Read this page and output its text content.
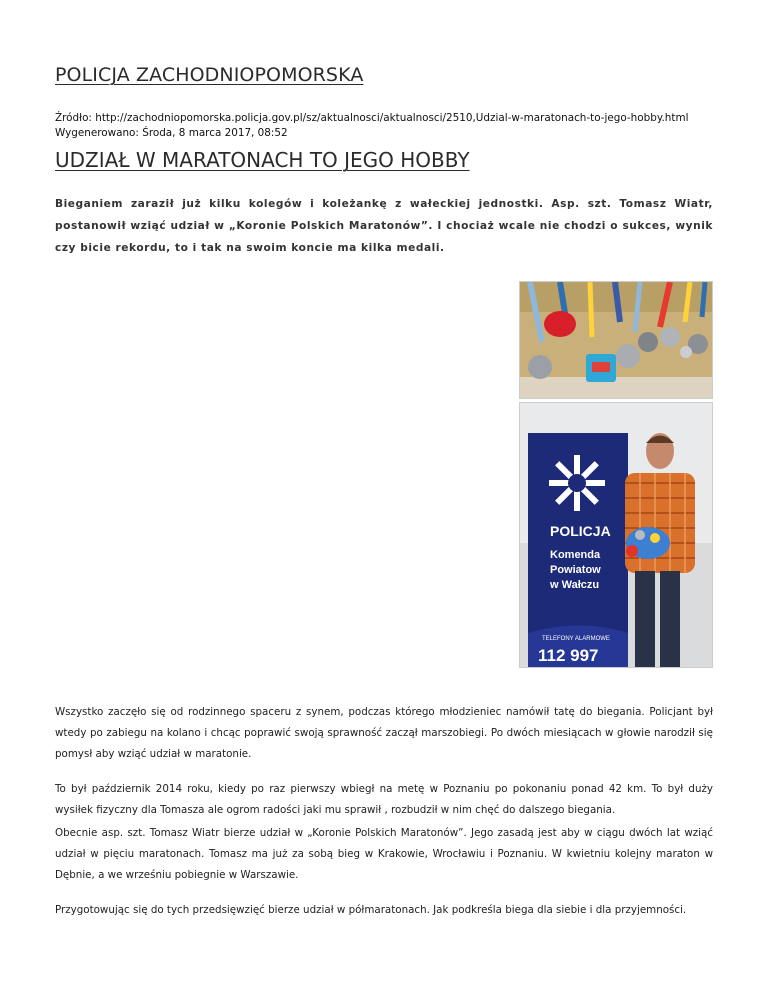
POLICJA ZACHODNIOPOMORSKA
Źródło: http://zachodniopomorska.policja.gov.pl/sz/aktualnosci/aktualnosci/2510,Udzial-w-maratonach-to-jego-hobby.html
Wygenerowano: Środa, 8 marca 2017, 08:52
UDZIAŁ W MARATONACH TO JEGO HOBBY
Bieganiem zaraził już kilku kolegów i koleżankę z wałeckiej jednostki. Asp. szt. Tomasz Wiatr, postanowił wziąć udział w „Koronie Polskich Maratonów”. I chociaż wcale nie chodzi o sukces, wynik czy bicie rekordu, to i tak na swoim koncie ma kilka medali.
POLICJA
Komenda
Powiatow
w Wałczu
TELEFONY ALARMOWE
112 997
Wszystko zaczęło się od rodzinnego spaceru z synem, podczas którego młodzieniec namówił tatę do biegania. Policjant był wtedy po zabiegu na kolano i chcąc poprawić swoją sprawność zaczął marszobiegi. Po dwóch miesiącach w głowie narodził się pomysł aby wziąć udział w maratonie.
To był październik 2014 roku, kiedy po raz pierwszy wbiegł na metę w Poznaniu po pokonaniu ponad 42 km. To był duży wysiłek fizyczny dla Tomasza ale ogrom radości jaki mu sprawił , rozbudził w nim chęć do dalszego biegania.
Obecnie asp. szt. Tomasz Wiatr bierze udział w „Koronie Polskich Maratonów”. Jego zasadą jest aby w ciągu dwóch lat wziąć udział w pięciu maratonach. Tomasz ma już za sobą bieg w Krakowie, Wrocławiu i Poznaniu. W kwietniu kolejny maraton w Dębnie, a we wrześniu pobiegnie w Warszawie.
Przygotowując się do tych przedsięwzięć bierze udział w półmaratonach. Jak podkreśla biega dla siebie i dla przyjemności.
